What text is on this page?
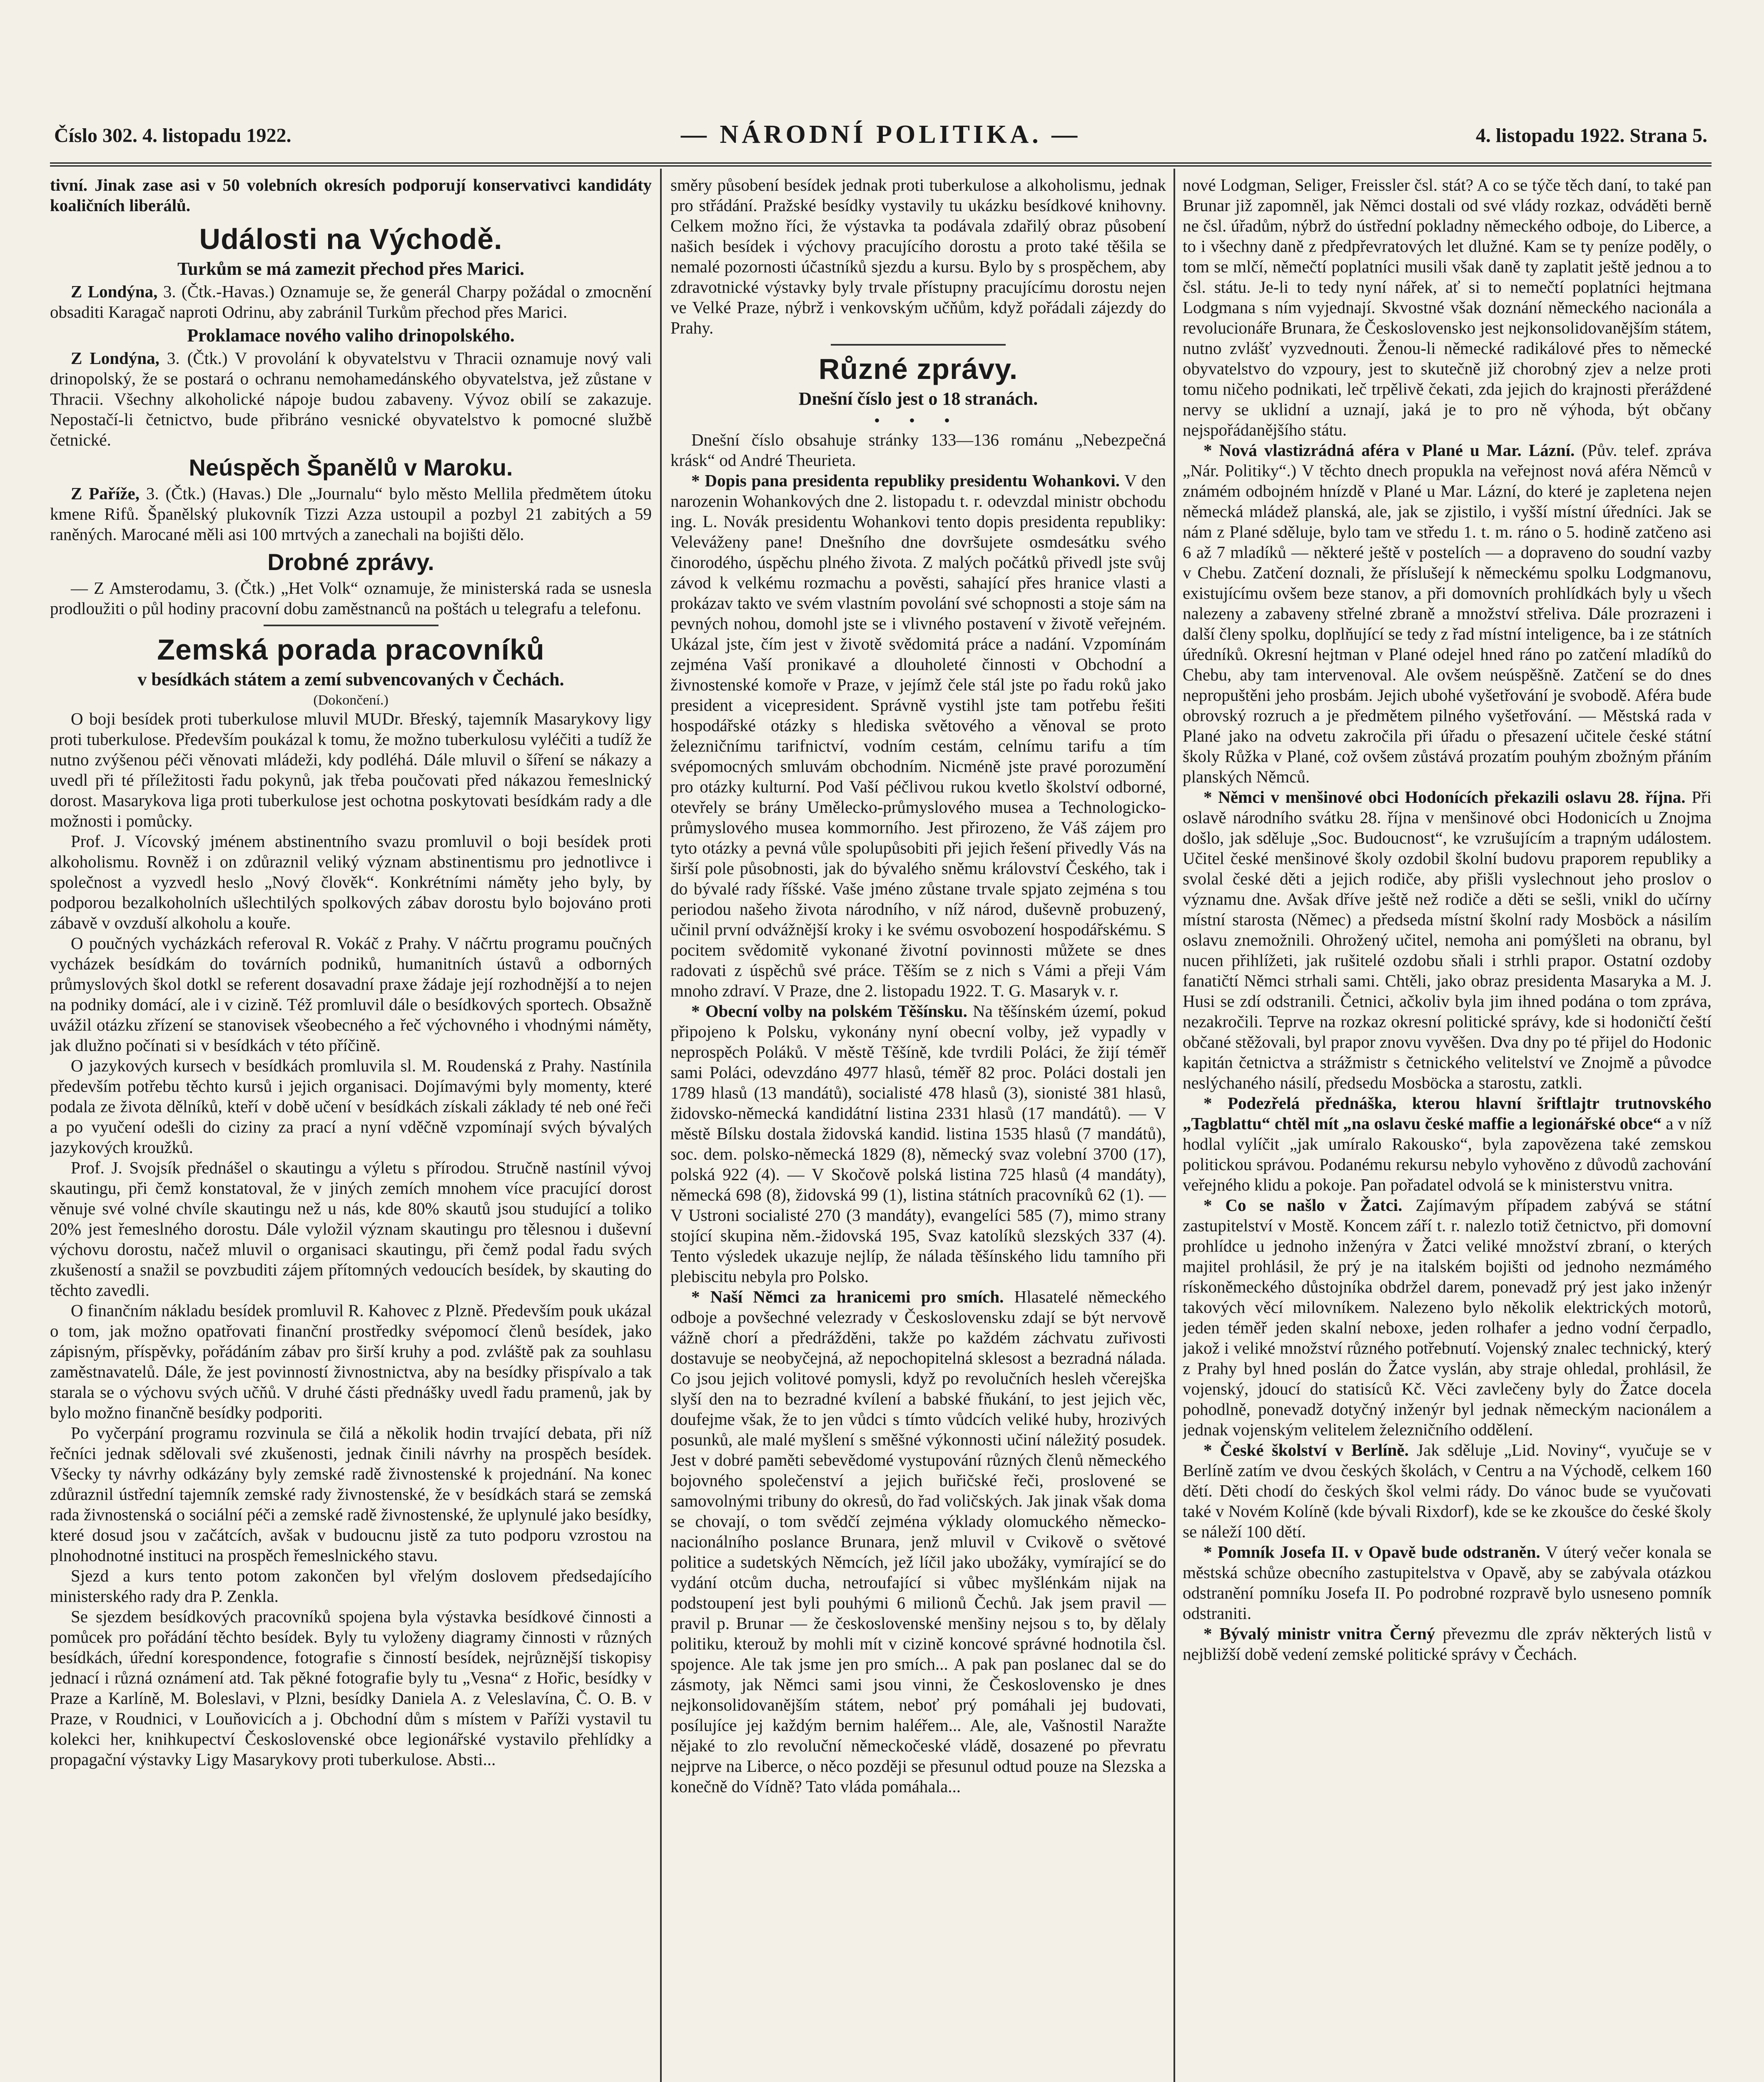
Číslo 302. 4. listopadu 1922.	— NÁRODNÍ POLITIKA. —	4. listopadu 1922. Strana 5.

tivní. Jinak zase asi v 50 volebních okresích podporují konservativci kandidáty koaličních liberálů.

Události na Východě.
Turkům se má zamezit přechod přes Marici.

Z Londýna, 3. (Čtk.-Havas.) Oznamuje se, že generál Charpy požádal o zmocnění obsaditi Karagač naproti Odrinu, aby zabránil Turkům přechod přes Marici.

Proklamace nového valiho drinopolského.

Z Londýna, 3. (Čtk.) V provolání k obyvatelstvu v Thracii oznamuje nový vali drinopolský, že se postará o ochranu nemohamedánského obyvatelstva, jež zůstane v Thracii. Všechny alkoholické nápoje budou zabaveny. Vývoz obilí se zakazuje. Nepostačí-li četnictvo, bude přibráno vesnické obyvatelstvo k pomocné službě četnické.

Neúspěch Španělů v Maroku.

Z Paříže, 3. (Čtk.) (Havas.) Dle „Journalu“ bylo město Mellila předmětem útoku kmene Rifů. Španělský plukovník Tizzi Azza ustoupil a pozbyl 21 zabitých a 59 raněných. Marocané měli asi 100 mrtvých a zanechali na bojišti dělo.

Drobné zprávy.

— Z Amsterodamu, 3. (Čtk.) „Het Volk“ oznamuje, že ministerská rada se usnesla prodloužiti o půl hodiny pracovní dobu zaměstnanců na poštách u telegrafu a telefonu.

Zemská porada pracovníků
v besídkách státem a zemí subvencovaných v Čechách.
(Dokončení.)

O boji besídek proti tuberkulose mluvil MUDr. Břeský, tajemník Masarykovy ligy proti tuberkulose. Především poukázal k tomu, že možno tuberkulosu vyléčiti a tudíž že nutno zvýšenou péči věnovati mládeži, kdy podléhá. Dále mluvil o šíření se nákazy a uvedl při té příležitosti řadu pokynů, jak třeba poučovati před nákazou řemeslnický dorost. Masarykova liga proti tuberkulose jest ochotna poskytovati besídkám rady a dle možnosti i pomůcky.

Prof. J. Vícovský jménem abstinentního svazu promluvil o boji besídek proti alkoholismu. Rovněž i on zdůraznil veliký význam abstinentismu pro jednotlivce i společnost a vyzvedl heslo „Nový člověk“. Konkrétními náměty jeho byly, by podporou bezalkoholních ušlechtilých spolkových zábav dorostu bylo bojováno proti zábavě v ovzduší alkoholu a kouře.

O poučných vycházkách referoval R. Vokáč z Prahy. V náčrtu programu poučných vycházek besídkám do továrních podniků, humanitních ústavů a odborných průmyslových škol dotkl se referent dosavadní praxe žádaje její rozhodnější a to nejen na podniky domácí, ale i v cizině. Též promluvil dále o besídkových sportech. Obsažně uvážil otázku zřízení se stanovisek všeobecného a řeč výchovného i vhodnými náměty, jak dlužno počínati si v besídkách v této příčině.

O jazykových kursech v besídkách promluvila sl. M. Roudenská z Prahy. Nastínila především potřebu těchto kursů i jejich organisaci. Dojímavými byly momenty, které podala ze života dělníků, kteří v době učení v besídkách získali základy té neb oné řeči a po vyučení odešli do ciziny za prací a nyní vděčně vzpomínají svých bývalých jazykových kroužků.

Prof. J. Svojsík přednášel o skautingu a výletu s přírodou. Stručně nastínil vývoj skautingu, při čemž konstatoval, že v jiných zemích mnohem více pracující dorost věnuje své volné chvíle skautingu než u nás, kde 80% skautů jsou studující a toliko 20% jest řemeslného dorostu. Dále vyložil význam skautingu pro tělesnou i duševní výchovu dorostu, načež mluvil o organisaci skautingu, při čemž podal řadu svých zkušeností a snažil se povzbuditi zájem přítomných vedoucích besídek, by skauting do těchto zavedli.

O finančním nákladu besídek promluvil R. Kahovec z Plzně. Především pouk ukázal o tom, jak možno opatřovati finanční prostředky svépomocí členů besídek, jako zápisným, příspěvky, pořádáním zábav pro širší kruhy a pod. zvláště pak za souhlasu zaměstnavatelů. Dále, že jest povinností živnostnictva, aby na besídky přispívalo a tak starala se o výchovu svých učňů. V druhé části přednášky uvedl řadu pramenů, jak by bylo možno finančně besídky podporiti.

Po vyčerpání programu rozvinula se čilá a několik hodin trvající debata, při níž řečníci jednak sdělovali své zkušenosti, jednak činili návrhy na prospěch besídek. Všecky ty návrhy odkázány byly zemské radě živnostenské k projednání. Na konec zdůraznil ústřední tajemník zemské rady živnostenské, že v besídkách stará se zemská rada živnostenská o sociální péči a zemské radě živnostenské, že uplynulé jako besídky, které dosud jsou v začátcích, avšak v budoucnu jistě za tuto podporu vzrostou na plnohodnotné instituci na prospěch řemeslnického stavu.

Sjezd a kurs tento potom zakončen byl vřelým doslovem předsedajícího ministerského rady dra P. Zenkla.

Se sjezdem besídkových pracovníků spojena byla výstavka besídkové činnosti a pomůcek pro pořádání těchto besídek. Byly tu vyloženy diagramy činnosti v různých besídkách, úřední korespondence, fotografie s činností besídek, nejrůznější tiskopisy jednací i různá oznámení atd. Tak pěkné fotografie byly tu „Vesna“ z Hořic, besídky v Praze a Karlíně, M. Boleslavi, v Plzni, besídky Daniela A. z Veleslavína, Č. O. B. v Praze, v Roudnici, v Louňovicích a j. Obchodní dům s místem v Paříži vystavil tu kolekci her, knihkupectví Československé obce legionářské vystavilo přehlídky a propagační výstavky Ligy Masarykovy proti tuberkulose. Absti...

směry působení besídek jednak proti tuberkulose a alkoholismu, jednak pro střádání. Pražské besídky vystavily tu ukázku besídkové knihovny. Celkem možno říci, že výstavka ta podávala zdařilý obraz působení našich besídek i výchovy pracujícího dorostu a proto také těšila se nemalé pozornosti účastníků sjezdu a kursu. Bylo by s prospěchem, aby zdravotnické výstavky byly trvale přístupny pracujícímu dorostu nejen ve Velké Praze, nýbrž i venkovským učňům, když pořádali zájezdy do Prahy.

Různé zprávy.
Dnešní číslo jest o 18 stranách.
• • •

Dnešní číslo obsahuje stránky 133—136 románu „Nebezpečná krásk“ od André Theurieta.

* Dopis pana presidenta republiky presidentu Wohankovi. V den narozenin Wohankových dne 2. listopadu t. r. odevzdal ministr obchodu ing. L. Novák presidentu Wohankovi tento dopis presidenta republiky: Veleváženy pane! Dnešního dne dovršujete osmdesátku svého činorodého, úspěchu plného života. Z malých počátků přivedl jste svůj závod k velkému rozmachu a pověsti, sahající přes hranice vlasti a prokázav takto ve svém vlastním povolání své schopnosti a stoje sám na pevných nohou, domohl jste se i vlivného postavení v životě veřejném. Ukázal jste, čím jest v životě svědomitá práce a nadání. Vzpomínám zejména Vaší pronikavé a dlouholeté činnosti v Obchodní a živnostenské komoře v Praze, v jejímž čele stál jste po řadu roků jako president a vicepresident. Správně vystihl jste tam potřebu řešiti hospodářské otázky s hlediska světového a věnoval se proto železničnímu tarifnictví, vodním cestám, celnímu tarifu a tím svépomocných smluvám obchodním. Nicméně jste pravé porozumění pro otázky kulturní. Pod Vaší péčlivou rukou kvetlo školství odborné, otevřely se brány Umělecko-průmyslového musea a Technologicko-průmyslového musea kommorního. Jest přirozeno, že Váš zájem pro tyto otázky a pevná vůle spolupůsobiti při jejich řešení přivedly Vás na širší pole působnosti, jak do bývalého sněmu království Českého, tak i do bývalé rady říšské. Vaše jméno zůstane trvale spjato zejména s tou periodou našeho života národního, v níž národ, duševně probuzený, učinil první odvážnější kroky i ke svému osvobození hospodářskému. S pocitem svědomitě vykonané životní povinnosti můžete se dnes radovati z úspěchů své práce. Těším se z nich s Vámi a přeji Vám mnoho zdraví. V Praze, dne 2. listopadu 1922. T. G. Masaryk v. r.

* Obecní volby na polském Těšínsku. Na těšínském území, pokud připojeno k Polsku, vykonány nyní obecní volby, jež vypadly v neprospěch Poláků. V městě Těšíně, kde tvrdili Poláci, že žijí téměř sami Poláci, odevzdáno 4977 hlasů, téměř 82 proc. Poláci dostali jen 1789 hlasů (13 mandátů), socialisté 478 hlasů (3), sionisté 381 hlasů, židovsko-německá kandidátní listina 2331 hlasů (17 mandátů). — V městě Bílsku dostala židovská kandid. listina 1535 hlasů (7 mandátů), soc. dem. polsko-německá 1829 (8), německý svaz volební 3700 (17), polská 922 (4). — V Skočově polská listina 725 hlasů (4 mandáty), německá 698 (8), židovská 99 (1), listina státních pracovníků 62 (1). — V Ustroni socialisté 270 (3 mandáty), evangelíci 585 (7), mimo strany stojící skupina něm.-židovská 195, Svaz katolíků slezských 337 (4). Tento výsledek ukazuje nejlíp, že nálada těšínského lidu tamního při plebiscitu nebyla pro Polsko.

* Naší Němci za hranicemi pro smích. Hlasatelé německého odboje a povšechné velezrady v Československu zdají se být nervově vážně chorí a předrážděni, takže po každém záchvatu zuřivosti dostavuje se neobyčejná, až nepochopitelná sklesost a bezradná nálada. Co jsou jejich volitové pomysli, když po revolučních hesleh včerejška slyší den na to bezradné kvílení a babské fňukání, to jest jejich věc, doufejme však, že to jen vůdci s tímto vůdcích veliké huby, hrozivých posunků, ale malé myšlení s směšné výkonnosti učiní náležitý posudek. Jest v dobré paměti sebevědomé vystupování různých členů německého bojovného společenství a jejich buřičské řeči, proslovené se samovolnými tribuny do okresů, do řad voličských. Jak jinak však doma se chovají, o tom svědčí zejména výklady olomuckého německo-nacionálního poslance Brunara, jenž mluvil v Cvikově o světové politice a sudetských Němcích, jež líčil jako ubožáky, vymírající se do vydání otcům ducha, netroufající si vůbec myšlénkám nijak na podstoupení jest byli pouhými 6 milionů Čechů. Jak jsem pravil — pravil p. Brunar — že československé menšiny nejsou s to, by dělaly politiku, kterouž by mohli mít v cizině koncové správné hodnotila čsl. spojence. Ale tak jsme jen pro smích... A pak pan poslanec dal se do zásmoty, jak Němci sami jsou vinni, že Československo je dnes nejkonsolidovanějším státem, neboť prý pomáhali jej budovati, posílujíce jej každým bernim haléřem... Ale, ale, Vašnostil Naražte nějaké to zlo revoluční německočeské vládě, dosazené po převratu nejprve na Liberce, o něco později se přesunul odtud pouze na Slezska a konečně do Vídně? Tato vláda pomáhala...

nové Lodgman, Seliger, Freissler čsl. stát? A co se týče těch daní, to také pan Brunar již zapomněl, jak Němci dostali od své vlády rozkaz, odváděti berně ne čsl. úřadům, nýbrž do ústřední pokladny německého odboje, do Liberce, a to i všechny daně z předpřevratových let dlužné. Kam se ty peníze poděly, o tom se mlčí, němečtí poplatníci musili však daně ty zaplatit ještě jednou a to čsl. státu. Je-li to tedy nyní nářek, ať si to nemečtí poplatníci hejtmana Lodgmana s ním vyjednají. Skvostné však doznání německého nacionála a revolucionáře Brunara, že Československo jest nejkonsolidovanějším státem, nutno zvlášť vyzvednouti. Ženou-li německé radikálové přes to německé obyvatelstvo do vzpoury, jest to skutečně již chorobný zjev a nelze proti tomu ničeho podnikati, leč trpělivě čekati, zda jejich do krajnosti přeráždené nervy se uklidní a uznají, jaká je to pro ně výhoda, být občany nejspořádanějšího státu.

* Nová vlastizrádná aféra v Plané u Mar. Lázní. (Pův. telef. zpráva „Nár. Politiky“.) V těchto dnech propukla na veřejnost nová aféra Němců v známém odbojném hnízdě v Plané u Mar. Lázní, do které je zapletena nejen německá mládež planská, ale, jak se zjistilo, i vyšší místní úředníci. Jak se nám z Plané sděluje, bylo tam ve středu 1. t. m. ráno o 5. hodině zatčeno asi 6 až 7 mladíků — některé ještě v postelích — a dopraveno do soudní vazby v Chebu. Zatčení doznali, že příslušejí k německému spolku Lodgmanovu, existujícímu ovšem beze stanov, a při domovních prohlídkách byly u všech nalezeny a zabaveny střelné zbraně a množství střeliva. Dále prozrazeni i další členy spolku, doplňující se tedy z řad místní inteligence, ba i ze státních úředníků. Okresní hejtman v Plané odejel hned ráno po zatčení mladíků do Chebu, aby tam intervenoval. Ale ovšem neúspěšně. Zatčení se do dnes nepropuštěni jeho prosbám. Jejich ubohé vyšetřování je svobodě. Aféra bude obrovský rozruch a je předmětem pilného vyšetřování. — Městská rada v Plané jako na odvetu zakročila při úřadu o přesazení učitele české státní školy Růžka v Plané, což ovšem zůstává prozatím pouhým zbožným přáním planských Němců.

* Němci v menšinové obci Hodonících překazili oslavu 28. října. Při oslavě národního svátku 28. října v menšinové obci Hodonicích u Znojma došlo, jak sděluje „Soc. Budoucnost“, ke vzrušujícím a trapným událostem. Učitel české menšinové školy ozdobil školní budovu praporem republiky a svolal české děti a jejich rodiče, aby přišli vyslechnout jeho proslov o významu dne. Avšak dříve ještě než rodiče a děti se sešli, vnikl do učírny místní starosta (Němec) a předseda místní školní rady Mosböck a násilím oslavu znemožnili. Ohrožený učitel, nemoha ani pomýšleti na obranu, byl nucen přihlížeti, jak rušitelé ozdobu sňali i strhli prapor. Ostatní ozdoby fanatičtí Němci strhali sami. Chtěli, jako obraz presidenta Masaryka a M. J. Husi se zdí odstranili. Četnici, ačkoliv byla jim ihned podána o tom zpráva, nezakročili. Teprve na rozkaz okresní politické správy, kde si hodoničtí čeští občané stěžovali, byl prapor znovu vyvěšen. Dva dny po té přijel do Hodonic kapitán četnictva a strážmistr s četnického velitelství ve Znojmě a původce neslýchaného násilí, předsedu Mosböcka a starostu, zatkli.

* Podezřelá přednáška, kterou hlavní šriftlajtr trutnovského „Tagblattu“ chtěl mít „na oslavu české maffie a legionářské obce“ a v níž hodlal vylíčit „jak umíralo Rakousko“, byla zapovězena také zemskou politickou správou. Podanému rekursu nebylo vyhověno z důvodů zachování veřejného klidu a pokoje. Pan pořadatel odvolá se k ministerstvu vnitra.

* Co se našlo v Žatci. Zajímavým případem zabývá se státní zastupitelství v Mostě. Koncem září t. r. nalezlo totiž četnictvo, při domovní prohlídce u jednoho inženýra v Žatci veliké množství zbraní, o kterých majitel prohlásil, že prý je na italském bojišti od jednoho nezmámého rískoněmeckého důstojníka obdržel darem, ponevadž prý jest jako inženýr takových věcí milovníkem. Nalezeno bylo několik elektrických motorů, jeden téměř jeden skalní neboxe, jeden rolhafer a jedno vodní čerpadlo, jakož i veliké množství různého potřebnutí. Vojenský znalec technický, který z Prahy byl hned poslán do Žatce vyslán, aby straje ohledal, prohlásil, že vojenský, jdoucí do statisíců Kč. Věci zavlečeny byly do Žatce docela pohodlně, ponevadž dotyčný inženýr byl jednak německým nacionálem a jednak vojenským velitelem železničního oddělení.

* České školství v Berlíně. Jak sděluje „Lid. Noviny“, vyučuje se v Berlíně zatím ve dvou českých školách, v Centru a na Východě, celkem 160 dětí. Děti chodí do českých škol velmi rády. Do vánoc bude se vyučovati také v Novém Kolíně (kde bývali Rixdorf), kde se ke zkoušce do české školy se náleží 100 dětí.

* Pomník Josefa II. v Opavě bude odstraněn. V úterý večer konala se městská schůze obecního zastupitelstva v Opavě, aby se zabývala otázkou odstranění pomníku Josefa II. Po podrobné rozpravě bylo usneseno pomník odstraniti.

* Bývalý ministr vnitra Černý převezmu dle zpráv některých listů v nejbližší době vedení zemské politické správy v Čechách.
